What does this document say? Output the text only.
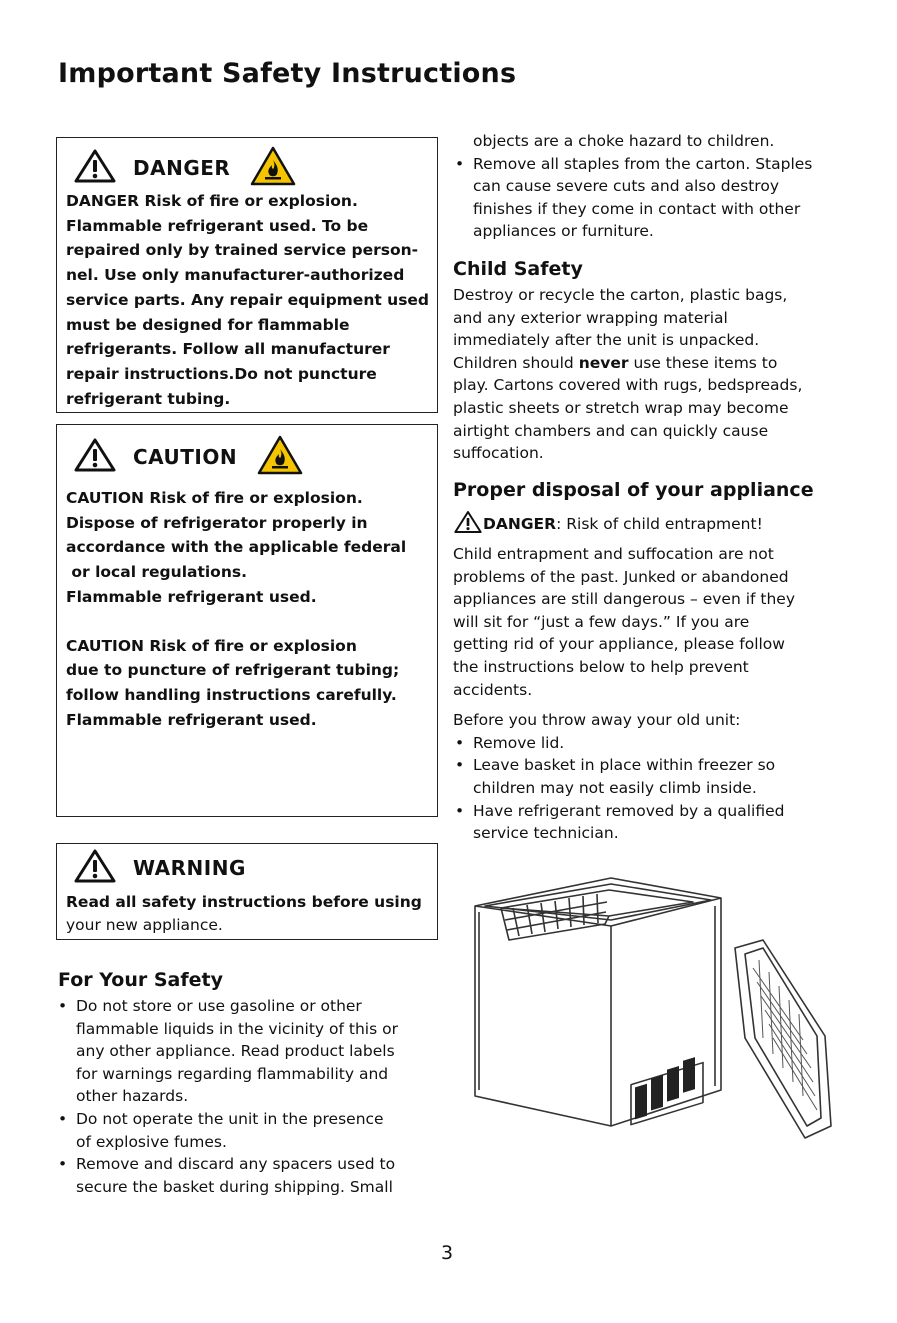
Important Safety Instructions
DANGER
DANGER Risk of fire or explosion.
Flammable refrigerant used. To be
repaired only by trained service person-
nel. Use only manufacturer-authorized
service parts. Any repair equipment used
must be designed for flammable
refrigerants. Follow all manufacturer
repair instructions.Do not puncture
refrigerant tubing.
CAUTION
CAUTION Risk of fire or explosion.
Dispose of refrigerator properly in
accordance with the applicable federal
or local regulations.
Flammable refrigerant used.
CAUTION Risk of fire or explosion
due to puncture of refrigerant tubing;
follow handling instructions carefully.
Flammable refrigerant used.
WARNING
Read all safety instructions before using
your new appliance.
For Your Safety
• Do not store or use gasoline or other
flammable liquids in the vicinity of this or
any other appliance. Read product labels
for warnings regarding flammability and
other hazards.
• Do not operate the unit in the presence
of explosive fumes.
• Remove and discard any spacers used to
secure the basket during shipping. Small
objects are a choke hazard to children.
• Remove all staples from the carton. Staples
can cause severe cuts and also destroy
finishes if they come in contact with other
appliances or furniture.
Child Safety
Destroy or recycle the carton, plastic bags,
and any exterior wrapping material
immediately after the unit is unpacked.
Children should never use these items to
play. Cartons covered with rugs, bedspreads,
plastic sheets or stretch wrap may become
airtight chambers and can quickly cause
suffocation.
Proper disposal of your appliance
DANGER : Risk of child entrapment!
Child entrapment and suffocation are not
problems of the past. Junked or abandoned
appliances are still dangerous – even if they
will sit for “just a few days.” If you are
getting rid of your appliance, please follow
the instructions below to help prevent
accidents.
Before you throw away your old unit:
• Remove lid.
• Leave basket in place within freezer so
children may not easily climb inside.
• Have refrigerant removed by a qualified
service technician.
3
